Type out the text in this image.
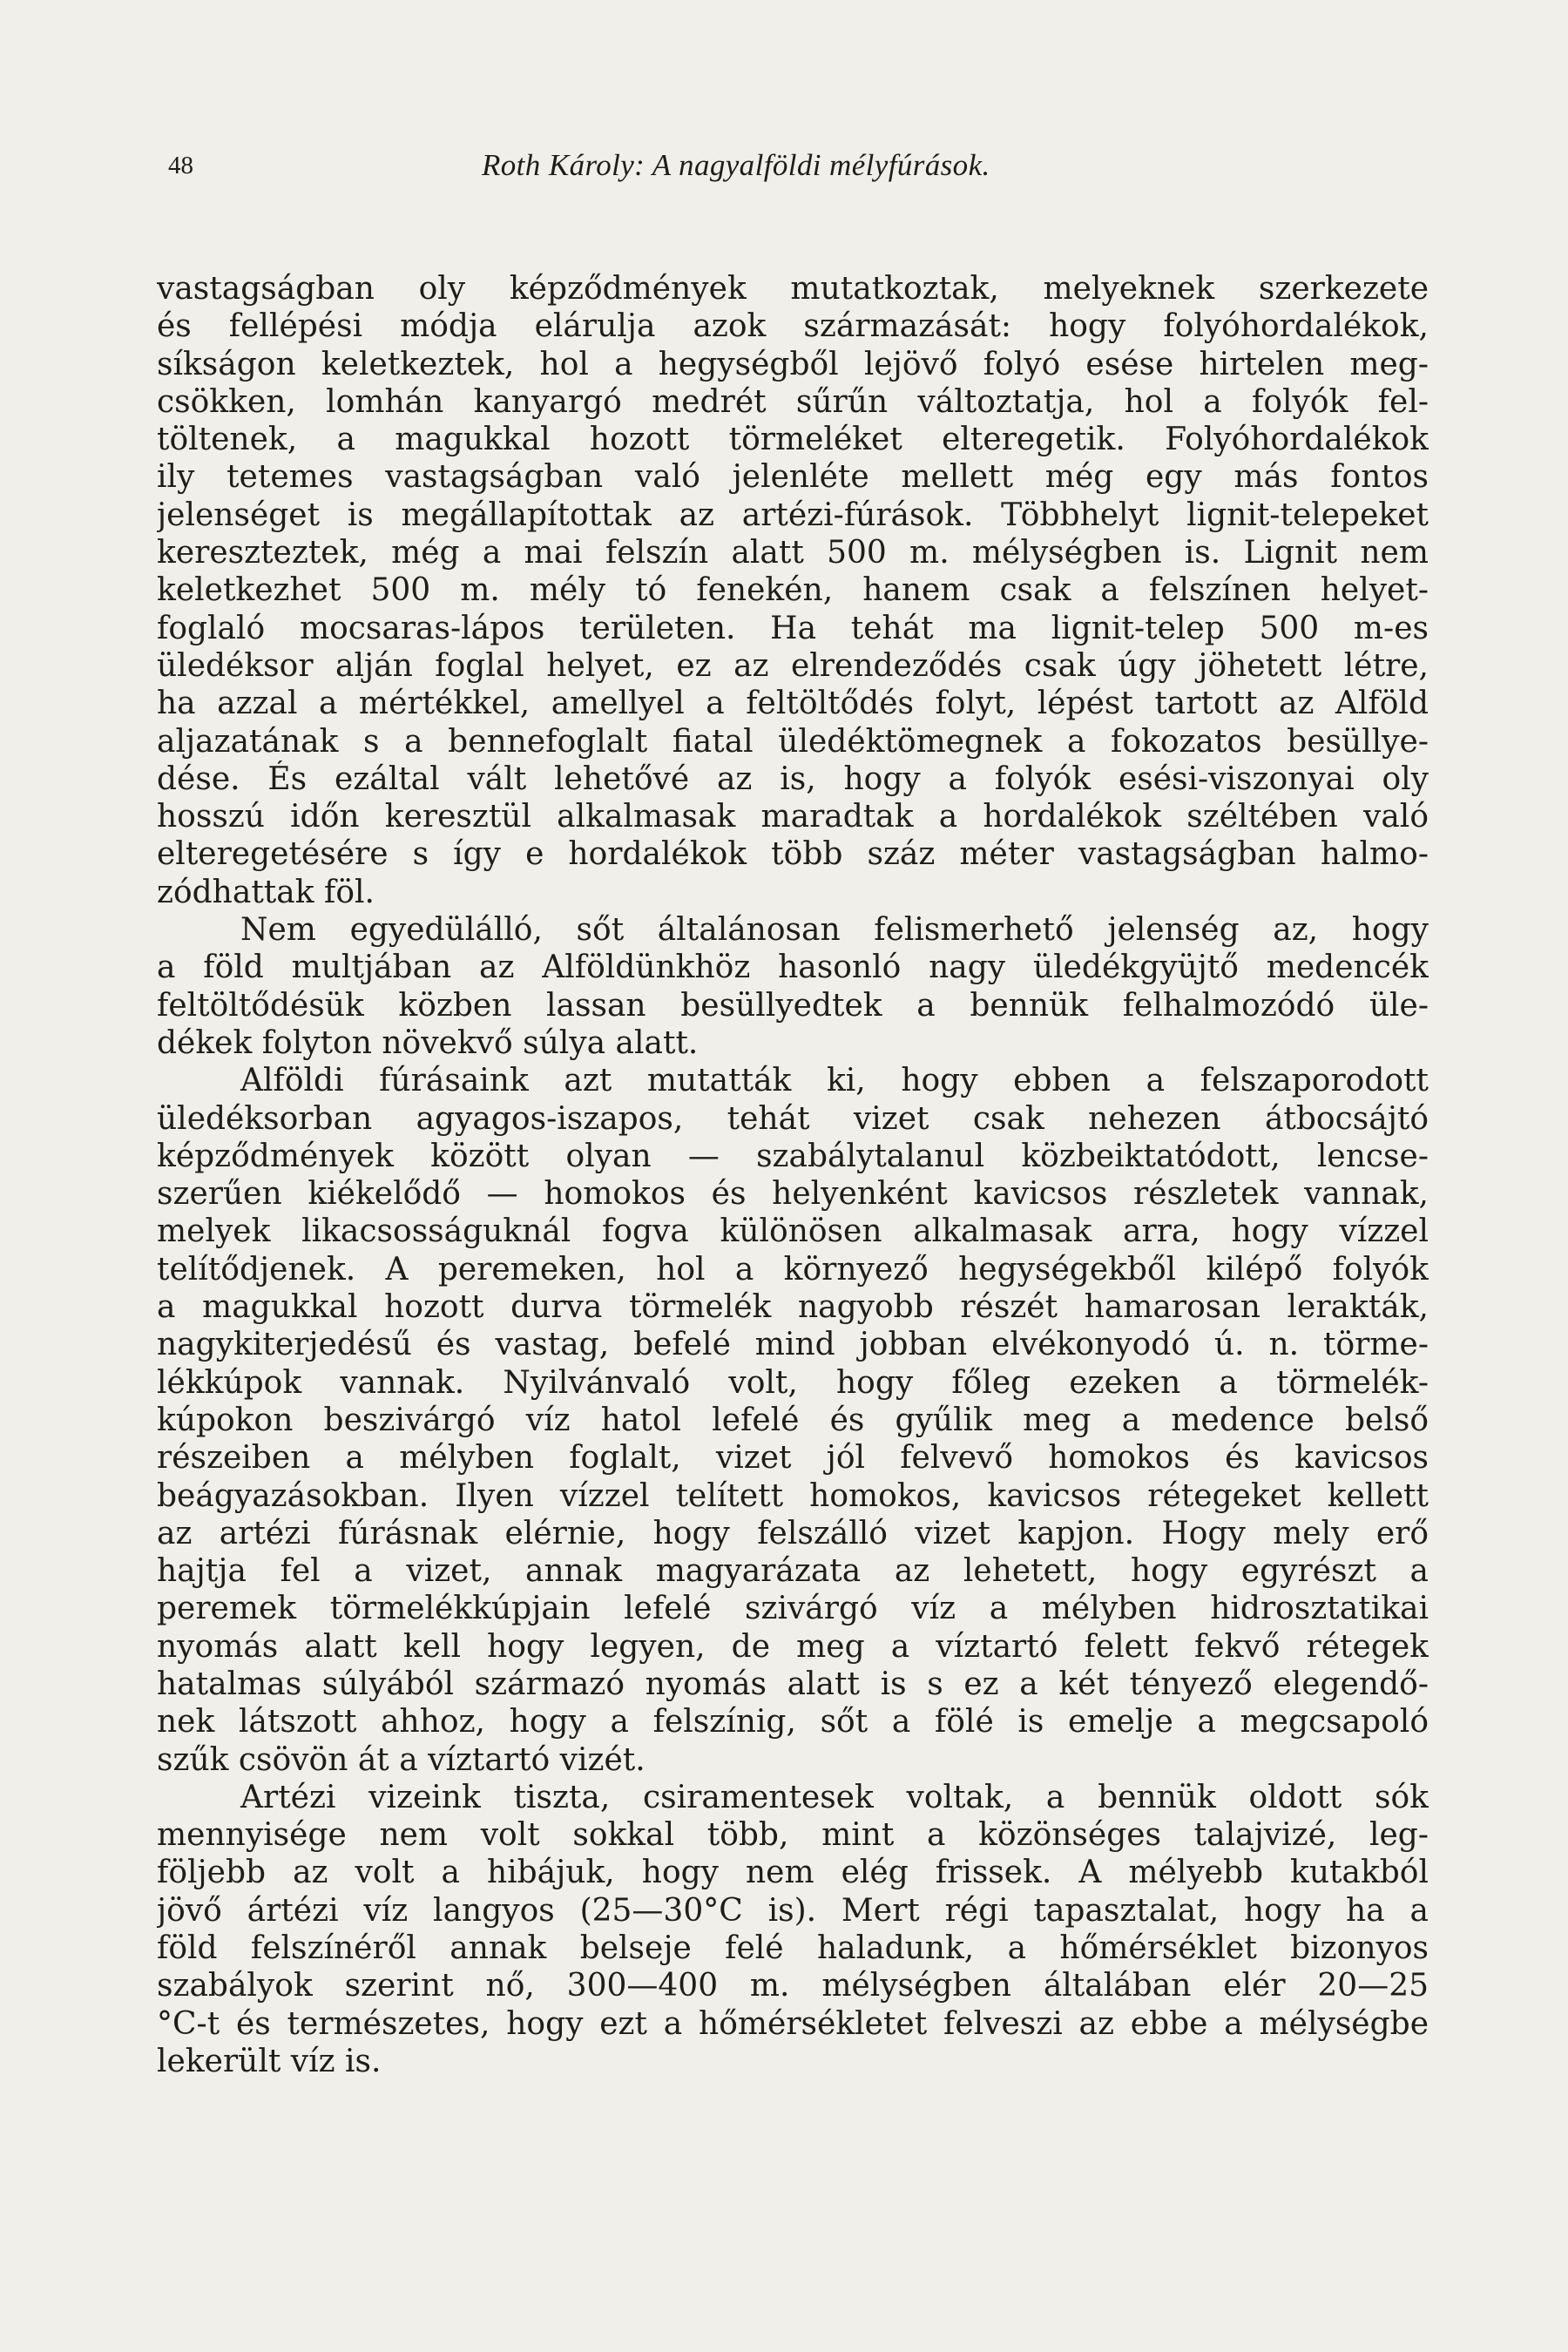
48	Roth Károly: A nagyalföldi mélyfúrások.
vastagságban oly képződmények mutatkoztak, melyeknek szerkezete
és fellépési módja elárulja azok származását: hogy folyóhordalékok,
síkságon keletkeztek, hol a hegységből lejövő folyó esése hirtelen meg-
csökken, lomhán kanyargó medrét sűrűn változtatja, hol a folyók fel-
töltenek, a magukkal hozott törmeléket elteregetik. Folyóhordalékok
ily tetemes vastagságban való jelenléte mellett még egy más fontos
jelenséget is megállapítottak az artézi-fúrások. Többhelyt lignit-telepeket
kereszteztek, még a mai felszín alatt 500 m. mélységben is. Lignit nem
keletkezhet 500 m. mély tó fenekén, hanem csak a felszínen helyet-
foglaló mocsaras-lápos területen. Ha tehát ma lignit-telep 500 m-es
üledéksor alján foglal helyet, ez az elrendeződés csak úgy jöhetett létre,
ha azzal a mértékkel, amellyel a feltöltődés folyt, lépést tartott az Alföld
aljazatának s a bennefoglalt fiatal üledéktömegnek a fokozatos besüllye-
dése. És ezáltal vált lehetővé az is, hogy a folyók esési-viszonyai oly
hosszú időn keresztül alkalmasak maradtak a hordalékok széltében való
elteregetésére s így e hordalékok több száz méter vastagságban halmo-
zódhattak föl.
Nem egyedülálló, sőt általánosan felismerhető jelenség az, hogy
a föld multjában az Alföldünkhöz hasonló nagy üledékgyüjtő medencék
feltöltődésük közben lassan besüllyedtek a bennük felhalmozódó üle-
dékek folyton növekvő súlya alatt.
Alföldi fúrásaink azt mutatták ki, hogy ebben a felszaporodott
üledéksorban agyagos-iszapos, tehát vizet csak nehezen átbocsájtó
képződmények között olyan — szabálytalanul közbeiktatódott, lencse-
szerűen kiékelődő — homokos és helyenként kavicsos részletek vannak,
melyek likacsosságuknál fogva különösen alkalmasak arra, hogy vízzel
telítődjenek. A peremeken, hol a környező hegységekből kilépő folyók
a magukkal hozott durva törmelék nagyobb részét hamarosan lerakták,
nagykiterjedésű és vastag, befelé mind jobban elvékonyodó ú. n. törme-
lékkúpok vannak. Nyilvánvaló volt, hogy főleg ezeken a törmelék-
kúpokon beszivárgó víz hatol lefelé és gyűlik meg a medence belső
részeiben a mélyben foglalt, vizet jól felvevő homokos és kavicsos
beágyazásokban. Ilyen vízzel telített homokos, kavicsos rétegeket kellett
az artézi fúrásnak elérnie, hogy felszálló vizet kapjon. Hogy mely erő
hajtja fel a vizet, annak magyarázata az lehetett, hogy egyrészt a
peremek törmelékkúpjain lefelé szivárgó víz a mélyben hidrosztatikai
nyomás alatt kell hogy legyen, de meg a víztartó felett fekvő rétegek
hatalmas súlyából származó nyomás alatt is s ez a két tényező elegendő-
nek látszott ahhoz, hogy a felszínig, sőt a fölé is emelje a megcsapoló
szűk csövön át a víztartó vizét.
Artézi vizeink tiszta, csiramentesek voltak, a bennük oldott sók
mennyisége nem volt sokkal több, mint a közönséges talajvizé, leg-
följebb az volt a hibájuk, hogy nem elég frissek. A mélyebb kutakból
jövő ártézi víz langyos (25—30°C is). Mert régi tapasztalat, hogy ha a
föld felszínéről annak belseje felé haladunk, a hőmérséklet bizonyos
szabályok szerint nő, 300—400 m. mélységben általában elér 20—25
°C-t és természetes, hogy ezt a hőmérsékletet felveszi az ebbe a mélységbe
lekerült víz is.
